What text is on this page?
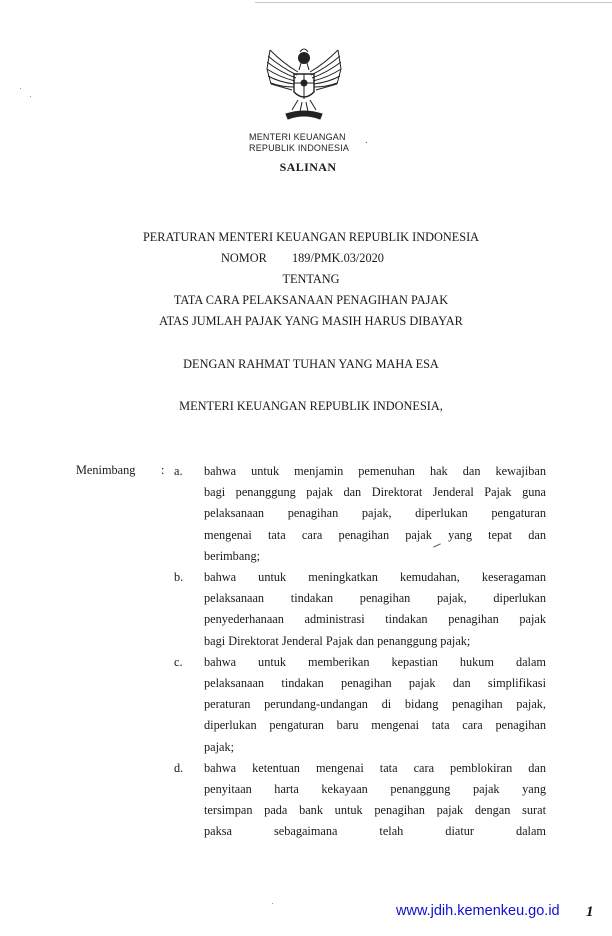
MENTERI KEUANGAN
REPUBLIK INDONESIA
.
SALINAN
PERATURAN MENTERI KEUANGAN REPUBLIK INDONESIA
NOMOR 189/PMK.03/2020
TENTANG
TATA CARA PELAKSANAAN PENAGIHAN PAJAK
ATAS JUMLAH PAJAK YANG MASIH HARUS DIBAYAR
DENGAN RAHMAT TUHAN YANG MAHA ESA
MENTERI KEUANGAN REPUBLIK INDONESIA,
Menimbang : a. bahwa untuk menjamin pemenuhan hak dan kewajiban

bagi penanggung pajak dan Direktorat Jenderal Pajak guna

pelaksanaan penagihan pajak, diperlukan pengaturan

mengenai tata cara penagihan pajak yang tepat dan

berimbang;

b. bahwa untuk meningkatkan kemudahan, keseragaman

pelaksanaan tindakan penagihan pajak, diperlukan

penyederhanaan administrasi tindakan penagihan pajak

bagi Direktorat Jenderal Pajak dan penanggung pajak;

c. bahwa untuk memberikan kepastian hukum dalam

pelaksanaan tindakan penagihan pajak dan simplifikasi

peraturan perundang-undangan di bidang penagihan pajak,

diperlukan pengaturan baru mengenai tata cara penagihan

pajak;

d. bahwa ketentuan mengenai tata cara pemblokiran dan

penyitaan harta kekayaan penanggung pajak yang

tersimpan pada bank untuk penagihan pajak dengan surat

paksa sebagaimana telah diatur dalam

www.jdih.kemenkeu.go.id 1
